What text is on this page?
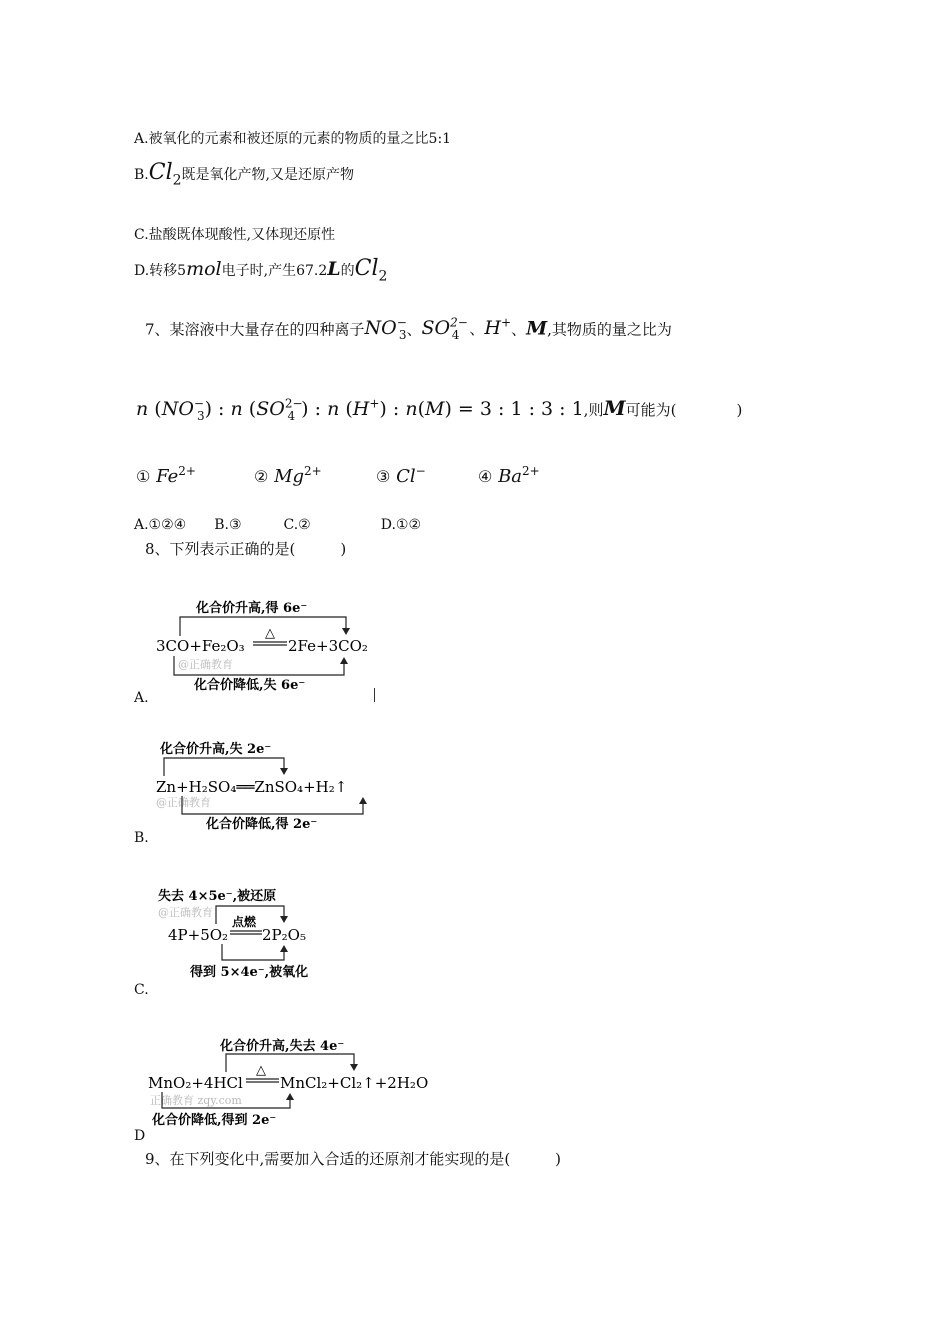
A.被氧化的元素和被还原的元素的物质的量之比5:1
$B.Cl_2$既是氧化产物,又是还原产物
C.盐酸既体现酸性,又体现还原性
D.转移5mol电子时,产生67.2L的$Cl_2$
7、某溶液中大量存在的四种离子$NO^-_3$、$SO^{2-}_4$ 、H+、M,其物质的量之比为
n $(NO^-_3)$ : n ($SO^{2-}_4$ ) : n (H+) : n(M) = 3 : 1 : 3 : 1,则M可能为(　　　　)
① $Fe^{2+}$	② $Mg^{2+}$	③ Cl−	④ $Ba^{2+}$
A.①②④　　B.③　　　C.②　　　　　D.①②
8、下列表示正确的是(　　　)
化合价升高,得 6e⁻
3CO+Fe₂O₃
△
2Fe+3CO₂
@正确教育
化合价降低,失 6e⁻
A.
化合价升高,失 2e⁻
Zn+H₂SO₄══ZnSO₄+H₂↑
@正确教育
化合价降低,得 2e⁻
B.
失去 4×5e⁻,被还原
@正确教育
4P+5O₂
点燃
2P₂O₅
得到 5×4e⁻,被氧化
C.
化合价升高,失去 4e⁻
MnO₂+4HCl
△
MnCl₂+Cl₂↑+2H₂O
正确教育 zqy.com
化合价降低,得到 2e⁻
D
9、在下列变化中,需要加入合适的还原剂才能实现的是(　　　)
